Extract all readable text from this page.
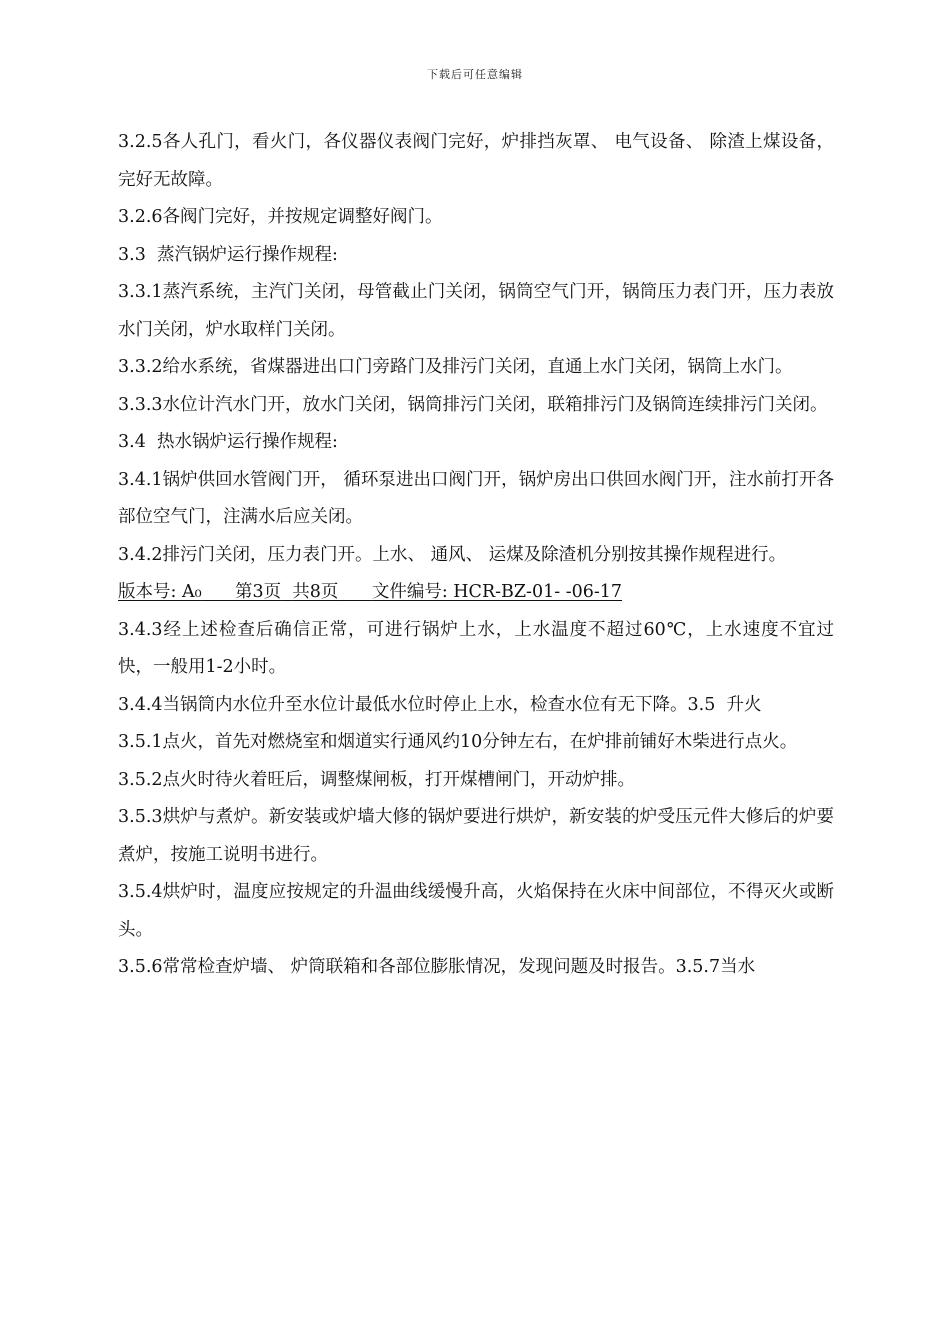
下载后可任意编辑

3.2.5各人孔门，看火门，各仪器仪表阀门完好，炉排挡灰罩、 电气设备、 除渣上煤设备，完好无故障。

3.2.6各阀门完好，并按规定调整好阀门。

3.3  蒸汽锅炉运行操作规程:

3.3.1蒸汽系统，主汽门关闭，母管截止门关闭，锅筒空气门开，锅筒压力表门开，压力表放水门关闭，炉水取样门关闭。

3.3.2给水系统，省煤器进出口门旁路门及排污门关闭，直通上水门关闭，锅筒上水门。

3.3.3水位计汽水门开，放水门关闭，锅筒排污门关闭，联箱排污门及锅筒连续排污门关闭。

3.4  热水锅炉运行操作规程:

3.4.1锅炉供回水管阀门开， 循环泵进出口阀门开，锅炉房出口供回水阀门开，注水前打开各部位空气门，注满水后应关闭。

3.4.2排污门关闭，压力表门开。上水、 通风、 运煤及除渣机分别按其操作规程进行。

版本号: A₀ 第3页 共8页 文件编号: HCR-BZ-01- -06-17

3.4.3经上述检查后确信正常，可进行锅炉上水，上水温度不超过60℃，上水速度不宜过快，一般用1-2小时。

3.4.4当锅筒内水位升至水位计最低水位时停止上水，检查水位有无下降。3.5  升火

3.5.1点火，首先对燃烧室和烟道实行通风约10分钟左右，在炉排前铺好木柴进行点火。

3.5.2点火时待火着旺后，调整煤闸板，打开煤槽闸门，开动炉排。

3.5.3烘炉与煮炉。新安装或炉墙大修的锅炉要进行烘炉，新安装的炉受压元件大修后的炉要煮炉，按施工说明书进行。

3.5.4烘炉时，温度应按规定的升温曲线缓慢升高，火焰保持在火床中间部位，不得灭火或断头。

3.5.6常常检查炉墙、 炉筒联箱和各部位膨胀情况，发现问题及时报告。3.5.7当水
